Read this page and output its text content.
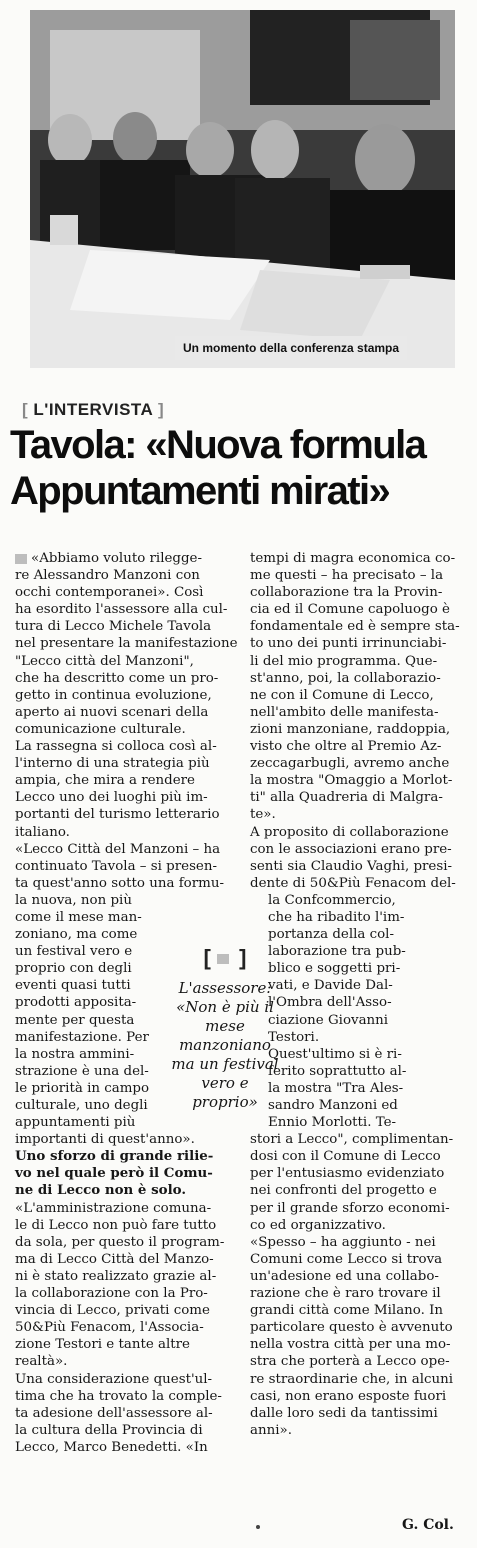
Un momento della conferenza stampa
[ L'INTERVISTA ]
Tavola: «Nuova formula
Appuntamenti mirati»
«Abbiamo voluto rilegge-
re Alessandro Manzoni con
occhi contemporanei». Così
ha esordito l'assessore alla cul-
tura di Lecco Michele Tavola
nel presentare la manifestazione
"Lecco città del Manzoni",
che ha descritto come un pro-
getto in continua evoluzione,
aperto ai nuovi scenari della
comunicazione culturale.
La rassegna si colloca così al-
l'interno di una strategia più
ampia, che mira a rendere
Lecco uno dei luoghi più im-
portanti del turismo letterario
italiano.
«Lecco Città del Manzoni – ha
continuato Tavola – si presen-
ta quest'anno sotto una formu-
la nuova, non più
come il mese man-
zoniano, ma come
un festival vero e
proprio con degli
eventi quasi tutti
prodotti apposita-
mente per questa
manifestazione. Per
la nostra ammini-
strazione è una del-
le priorità in campo
culturale, uno degli
appuntamenti più
importanti di quest'anno».
Uno sforzo di grande rilie-
vo nel quale però il Comu-
ne di Lecco non è solo.
«L'amministrazione comuna-
le di Lecco non può fare tutto
da sola, per questo il program-
ma di Lecco Città del Manzo-
ni è stato realizzato grazie al-
la collaborazione con la Pro-
vincia di Lecco, privati come
50&Più Fenacom, l'Associa-
zione Testori e tante altre
realtà».
Una considerazione quest'ul-
tima che ha trovato la comple-
ta adesione dell'assessore al-
la cultura della Provincia di
Lecco, Marco Benedetti. «In
tempi di magra economica co-
me questi – ha precisato – la
collaborazione tra la Provin-
cia ed il Comune capoluogo è
fondamentale ed è sempre sta-
to uno dei punti irrinunciabi-
li del mio programma. Que-
st'anno, poi, la collaborazio-
ne con il Comune di Lecco,
nell'ambito delle manifesta-
zioni manzoniane, raddoppia,
visto che oltre al Premio Az-
zeccagarbugli, avremo anche
la mostra "Omaggio a Morlot-
ti" alla Quadreria di Malgra-
te».
A proposito di collaborazione
con le associazioni erano pre-
senti sia Claudio Vaghi, presi-
dente di 50&Più Fenacom del-
la Confcommercio,
che ha ribadito l'im-
portanza della col-
laborazione tra pub-
blico e soggetti pri-
vati, e Davide Dal-
l'Ombra dell'Asso-
ciazione Giovanni
Testori.
Quest'ultimo si è ri-
ferito soprattutto al-
la mostra "Tra Ales-
sandro Manzoni ed
Ennio Morlotti. Te-
stori a Lecco", complimentan-
dosi con il Comune di Lecco
per l'entusiasmo evidenziato
nei confronti del progetto e
per il grande sforzo economi-
co ed organizzativo.
«Spesso – ha aggiunto - nei
Comuni come Lecco si trova
un'adesione ed una collabo-
razione che è raro trovare il
grandi città come Milano. In
particolare questo è avvenuto
nella vostra città per una mo-
stra che porterà a Lecco ope-
re straordinarie che, in alcuni
casi, non erano esposte fuori
dalle loro sedi da tantissimi
anni».
[ ]
L'assessore: «Non è più il mese manzoniano ma un festival vero e proprio»
G. Col.
